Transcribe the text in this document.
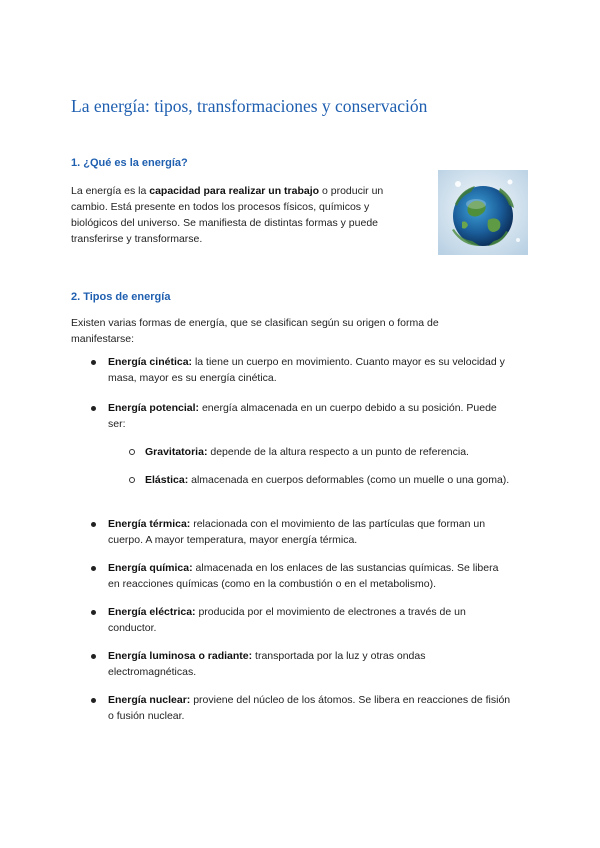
La energía: tipos, transformaciones y conservación
1. ¿Qué es la energía?

La energía es la capacidad para realizar un trabajo o producir un cambio. Está presente en todos los procesos físicos, químicos y biológicos del universo. Se manifiesta de distintas formas y puede transferirse y transformarse.

2. Tipos de energía

Existen varias formas de energía, que se clasifican según su origen o forma de manifestarse:

Energía cinética: la tiene un cuerpo en movimiento. Cuanto mayor es su velocidad y masa, mayor es su energía cinética.
Energía potencial: energía almacenada en un cuerpo debido a su posición. Puede ser:
Gravitatoria: depende de la altura respecto a un punto de referencia.
Elástica: almacenada en cuerpos deformables (como un muelle o una goma).
Energía térmica: relacionada con el movimiento de las partículas que forman un cuerpo. A mayor temperatura, mayor energía térmica.
Energía química: almacenada en los enlaces de las sustancias químicas. Se libera en reacciones químicas (como en la combustión o en el metabolismo).
Energía eléctrica: producida por el movimiento de electrones a través de un conductor.
Energía luminosa o radiante: transportada por la luz y otras ondas electromagnéticas.
Energía nuclear: proviene del núcleo de los átomos. Se libera en reacciones de fisión o fusión nuclear.
